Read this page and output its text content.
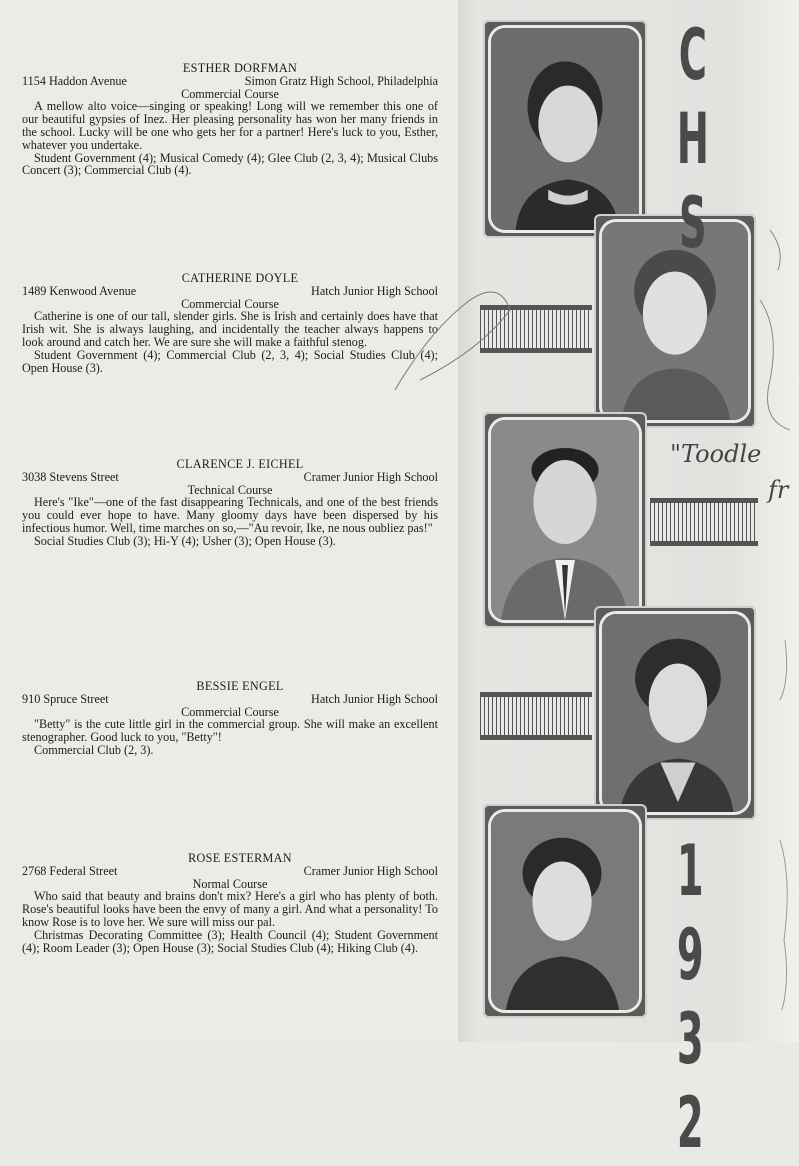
ESTHER DORFMAN
1154 Haddon Avenue	Simon Gratz High School, Philadelphia
Commercial Course
A mellow alto voice—singing or speaking! Long will we remember this one of our beautiful gypsies of Inez. Her pleasing personality has won her many friends in the school. Lucky will be one who gets her for a partner! Here's luck to you, Esther, whatever you undertake.
Student Government (4); Musical Comedy (4); Glee Club (2, 3, 4); Musical Clubs Concert (3); Commercial Club (4).
CATHERINE DOYLE
1489 Kenwood Avenue	Hatch Junior High School
Commercial Course
Catherine is one of our tall, slender girls. She is Irish and certainly does have that Irish wit. She is always laughing, and incidentally the teacher always happens to look around and catch her. We are sure she will make a faithful stenog.
Student Government (4); Commercial Club (2, 3, 4); Social Studies Club (4); Open House (3).
CLARENCE J. EICHEL
3038 Stevens Street	Cramer Junior High School
Technical Course
Here's "Ike"—one of the fast disappearing Technicals, and one of the best friends you could ever hope to have. Many gloomy days have been dispersed by his infectious humor. Well, time marches on so,—"Au revoir, Ike, ne nous oubliez pas!"
Social Studies Club (3); Hi-Y (4); Usher (3); Open House (3).
BESSIE ENGEL
910 Spruce Street	Hatch Junior High School
Commercial Course
"Betty" is the cute little girl in the commercial group. She will make an excellent stenographer. Good luck to you, "Betty"!
Commercial Club (2, 3).
ROSE ESTERMAN
2768 Federal Street	Cramer Junior High School
Normal Course
Who said that beauty and brains don't mix? Here's a girl who has plenty of both. Rose's beautiful looks have been the envy of many a girl. And what a personality! To know Rose is to love her. We sure will miss our pal.
Christmas Decorating Committee (3); Health Council (4); Student Government (4); Room Leader (3); Open House (3); Social Studies Club (4); Hiking Club (4).
CHS
1932
"Toodle
fr
